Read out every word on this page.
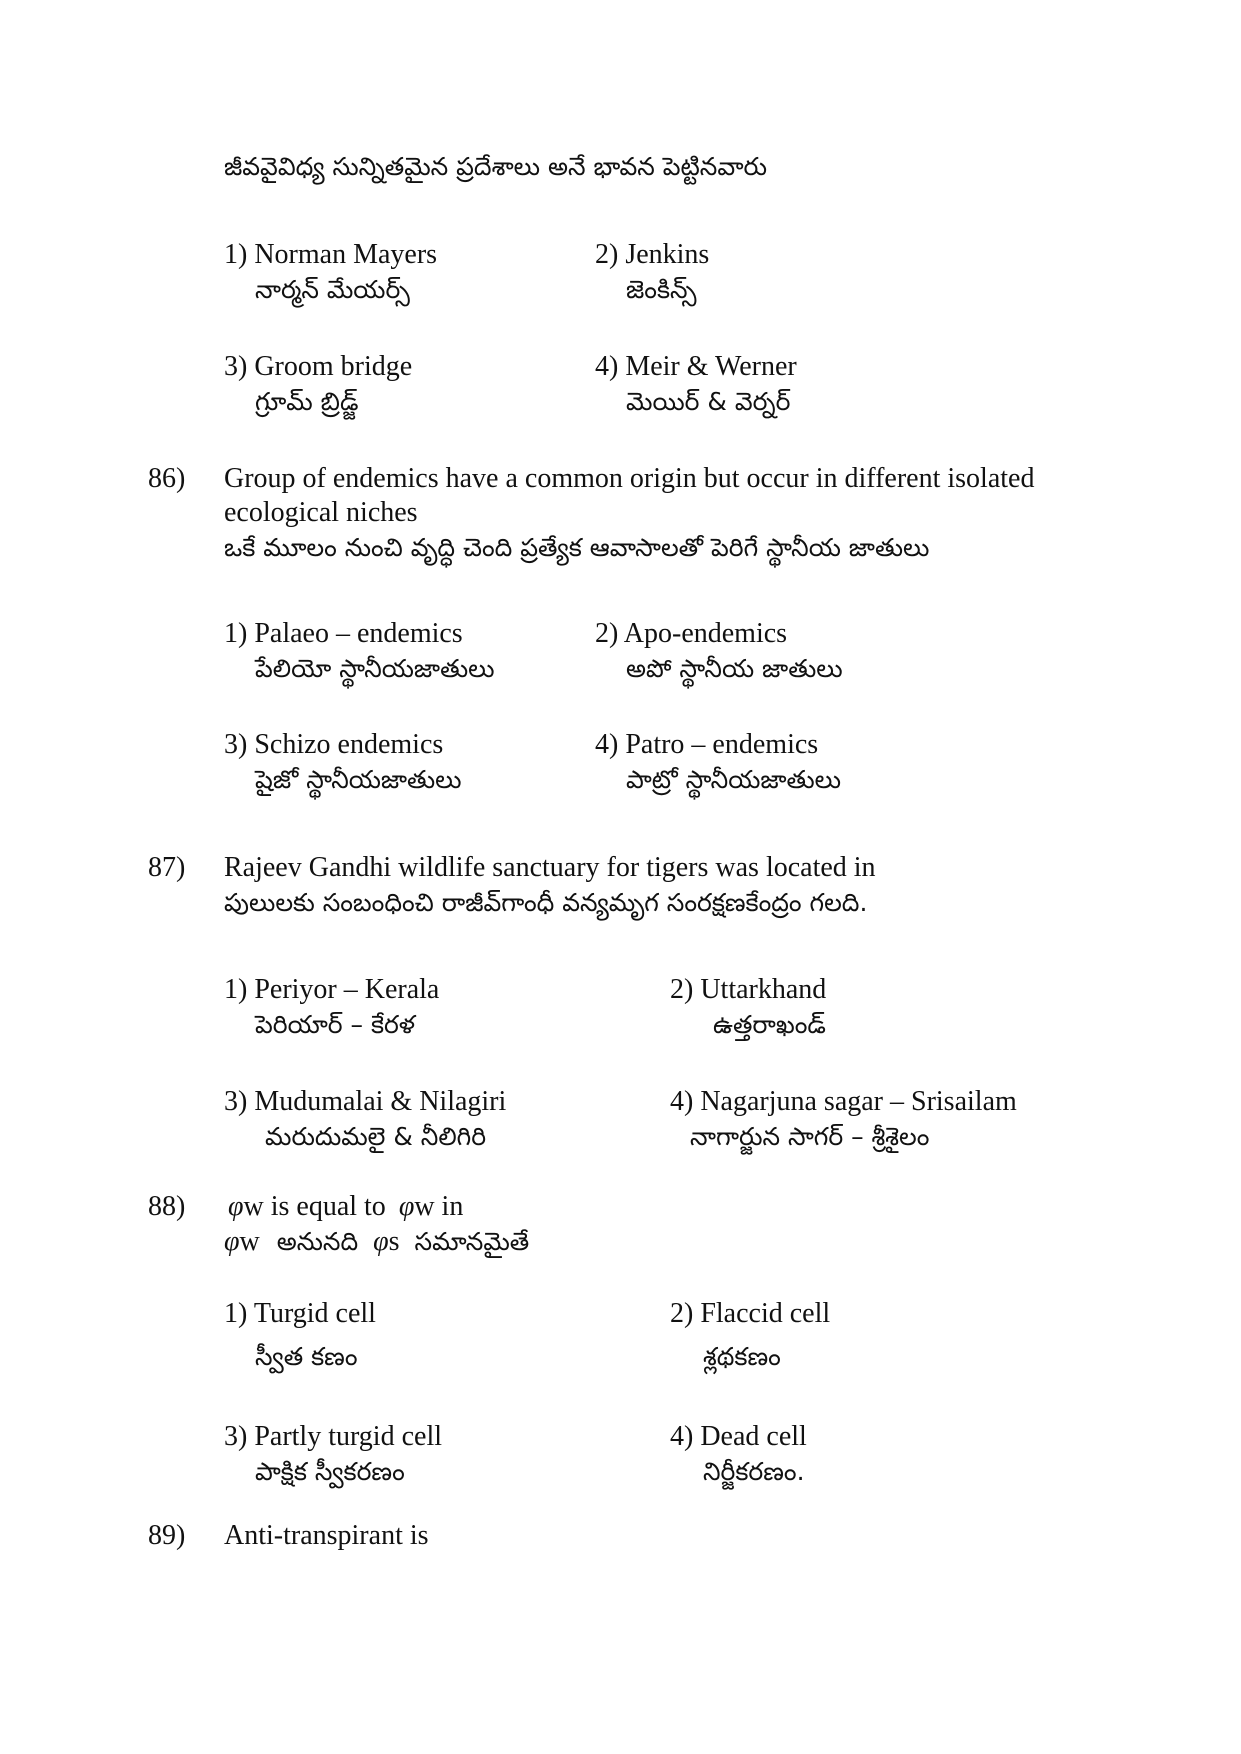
జీవవైవిధ్య సున్నితమైన ప్రదేశాలు అనే భావన పెట్టినవారు
1) Norman Mayers
నార్మన్ మేయర్స్
2) Jenkins
జెంకిన్స్
3) Groom bridge
గ్రూమ్ బ్రిడ్జ్
4) Meir & Werner
మెయిర్ & వెర్నర్
86) Group of endemics have a common origin but occur in different isolated
ecological niches
ఒకే మూలం నుంచి వృద్ధి చెంది ప్రత్యేక ఆవాసాలతో పెరిగే స్థానీయ జాతులు
1) Palaeo – endemics
పేలియో స్థానీయజాతులు
2) Apo-endemics
అపో స్థానీయ జాతులు
3) Schizo endemics
షైజో స్థానీయజాతులు
4) Patro – endemics
పాట్రో స్థానీయజాతులు
87) Rajeev Gandhi wildlife sanctuary for tigers was located in
పులులకు సంబంధించి రాజీవ్‌గాంధీ వన్యమృగ సంరక్షణకేంద్రం గలది.
1) Periyor – Kerala
పెరియార్ – కేరళ
2) Uttarkhand
ఉత్తరాఖండ్
3) Mudumalai & Nilagiri
మరుదుమలై & నీలిగిరి
4) Nagarjuna sagar – Srisailam
నాగార్జున సాగర్ – శ్రీశైలం
88) φw is equal to φw in
φw అనునది φs సమానమైతే
1) Turgid cell
స్వీత కణం
2) Flaccid cell
శ్లథకణం
3) Partly turgid cell
పాక్షిక స్వీకరణం
4) Dead cell
నిర్జీకరణం.
89) Anti-transpirant is
